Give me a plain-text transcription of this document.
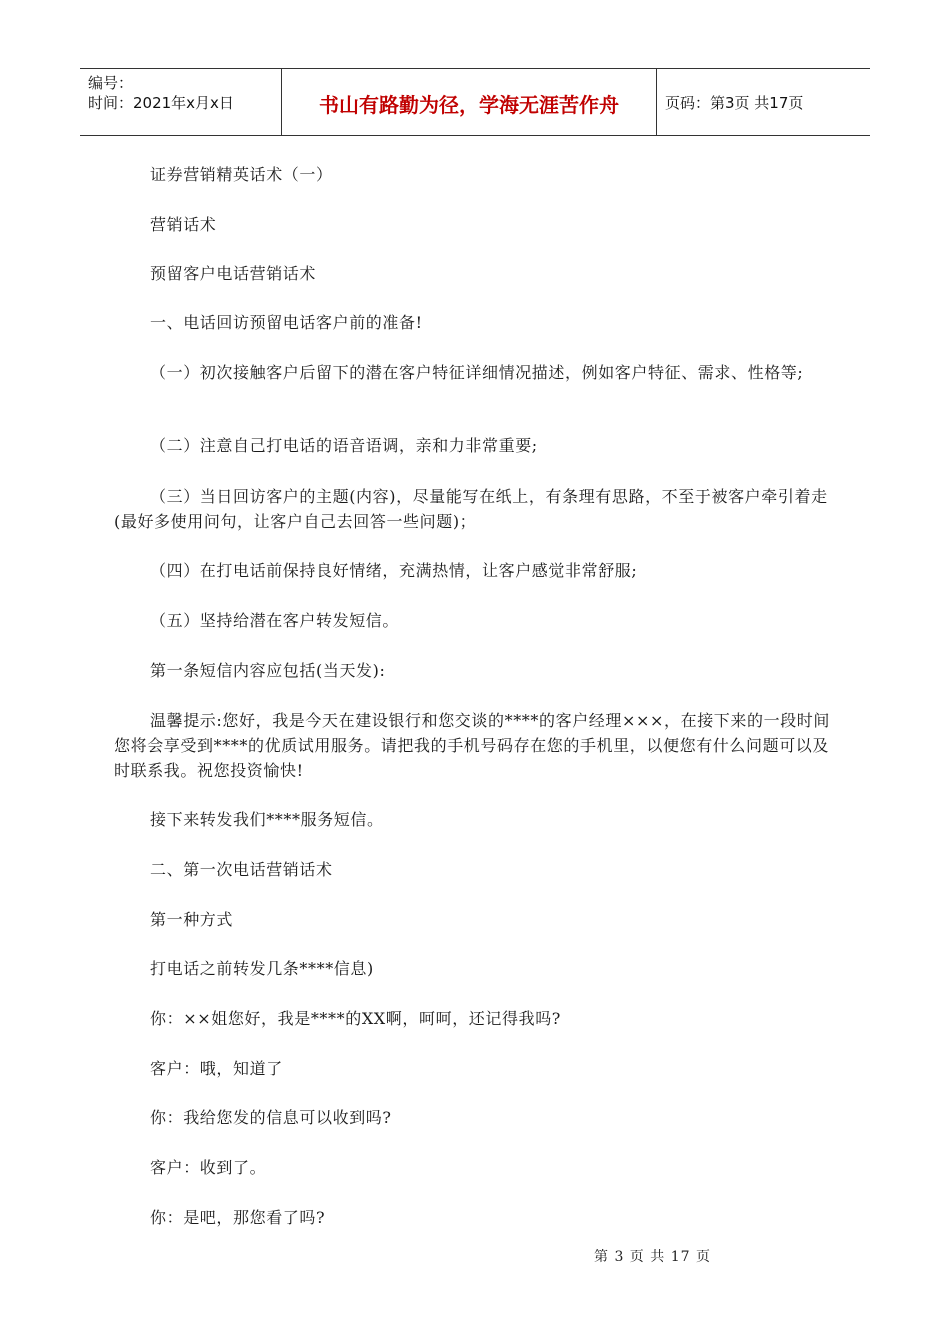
编号：
时间：2021年x月x日	书山有路勤为径，学海无涯苦作舟	页码：第3页 共17页

证券营销精英话术（一）

营销话术

预留客户电话营销话术

一、电话回访预留电话客户前的准备!

（一）初次接触客户后留下的潜在客户特征详细情况描述，例如客户特征、需求、性格等;

（二）注意自己打电话的语音语调，亲和力非常重要;

（三）当日回访客户的主题(内容)，尽量能写在纸上，有条理有思路，不至于被客户牵引着走(最好多使用问句，让客户自己去回答一些问题)；

（四）在打电话前保持良好情绪，充满热情，让客户感觉非常舒服;

（五）坚持给潜在客户转发短信。

第一条短信内容应包括(当天发):

温馨提示:您好，我是今天在建设银行和您交谈的****的客户经理×××，在接下来的一段时间您将会享受到****的优质试用服务。请把我的手机号码存在您的手机里，以便您有什么问题可以及时联系我。祝您投资愉快!

接下来转发我们****服务短信。

二、第一次电话营销话术

第一种方式

打电话之前转发几条****信息)

你：××姐您好，我是****的XX啊，呵呵，还记得我吗?

客户：哦，知道了

你：我给您发的信息可以收到吗?

客户：收到了。

你：是吧，那您看了吗?

第 3 页 共 17 页
